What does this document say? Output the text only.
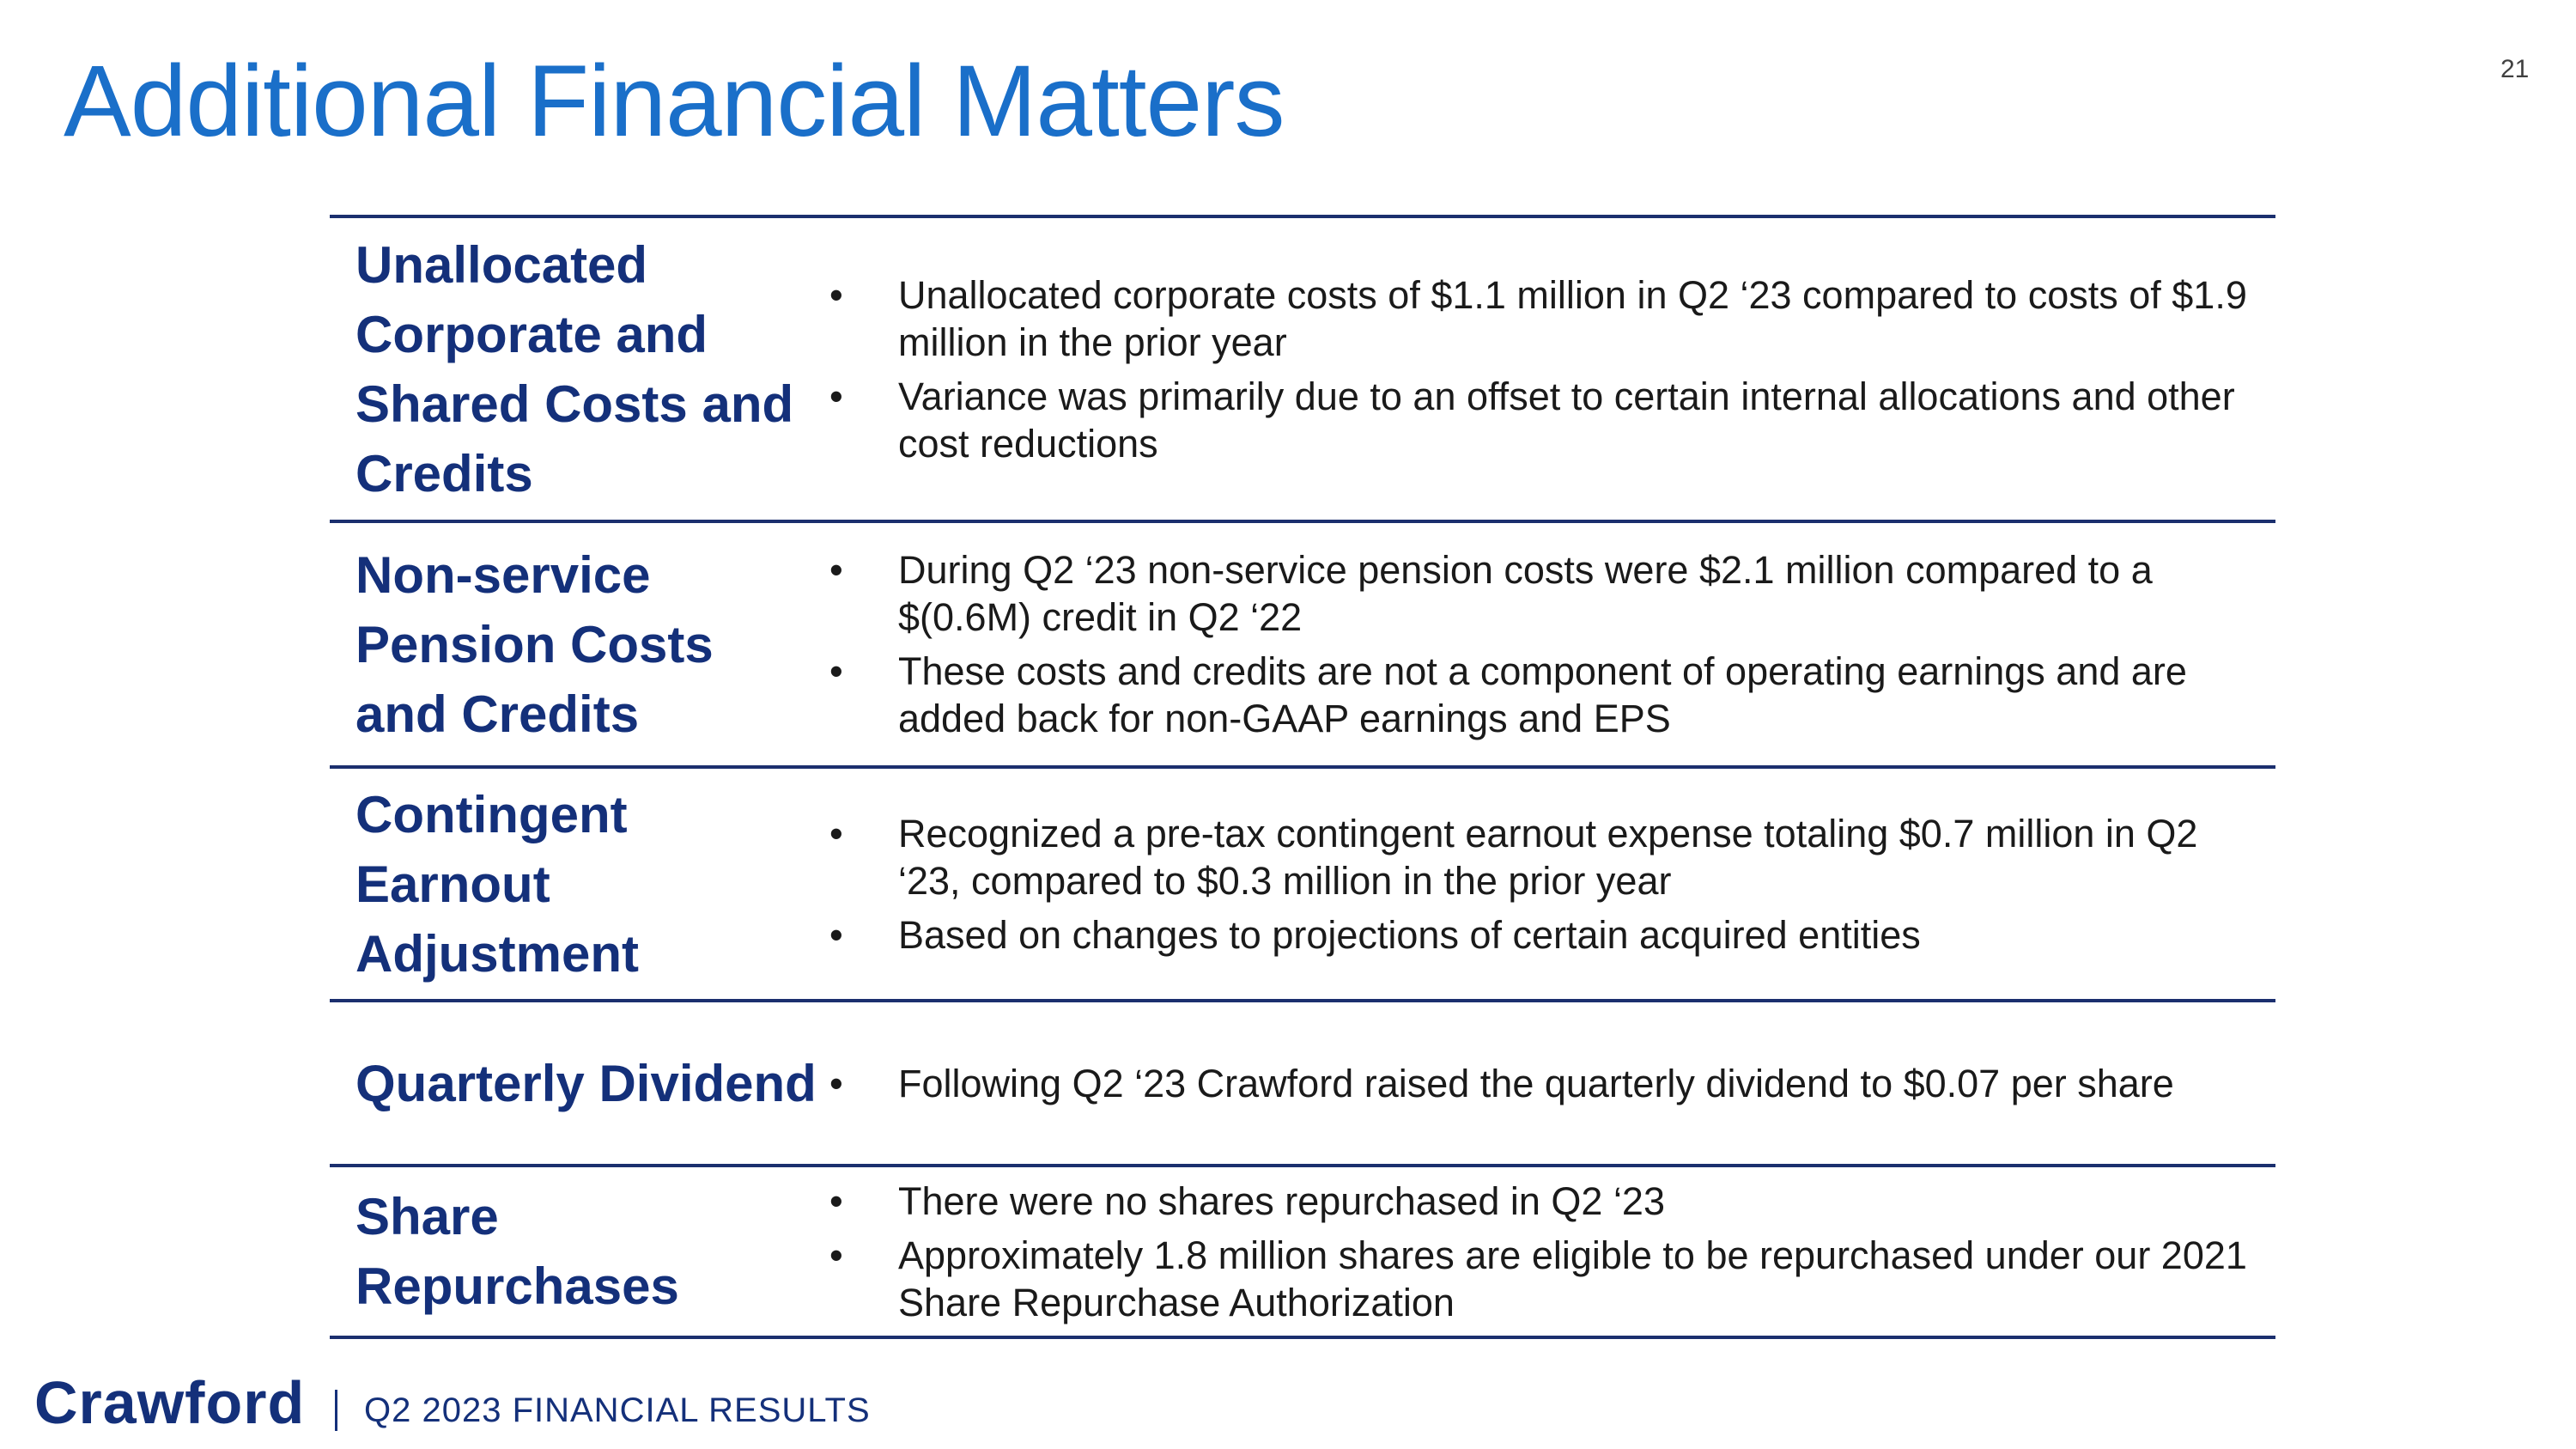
Additional Financial Matters	21
Unallocated Corporate and Shared Costs and Credits
•	Unallocated corporate costs of $1.1 million in Q2 ‘23 compared to costs of $1.9 million in the prior year
•	Variance was primarily due to an offset to certain internal allocations and other cost reductions
Non-service Pension Costs and Credits
•	During Q2 ‘23 non-service pension costs were $2.1 million compared to a $(0.6M) credit in Q2 ‘22
•	These costs and credits are not a component of operating earnings and are added back for non-GAAP earnings and EPS
Contingent Earnout Adjustment
•	Recognized a pre-tax contingent earnout expense totaling $0.7 million in Q2 ‘23, compared to $0.3 million in the prior year
•	Based on changes to projections of certain acquired entities
Quarterly Dividend •	Following Q2 ‘23 Crawford raised the quarterly dividend to $0.07 per share
Share Repurchases
•	There were no shares repurchased in Q2 ‘23
•	Approximately 1.8 million shares are eligible to be repurchased under our 2021 Share Repurchase Authorization
Crawford Q2 2023 FINANCIAL RESULTS
